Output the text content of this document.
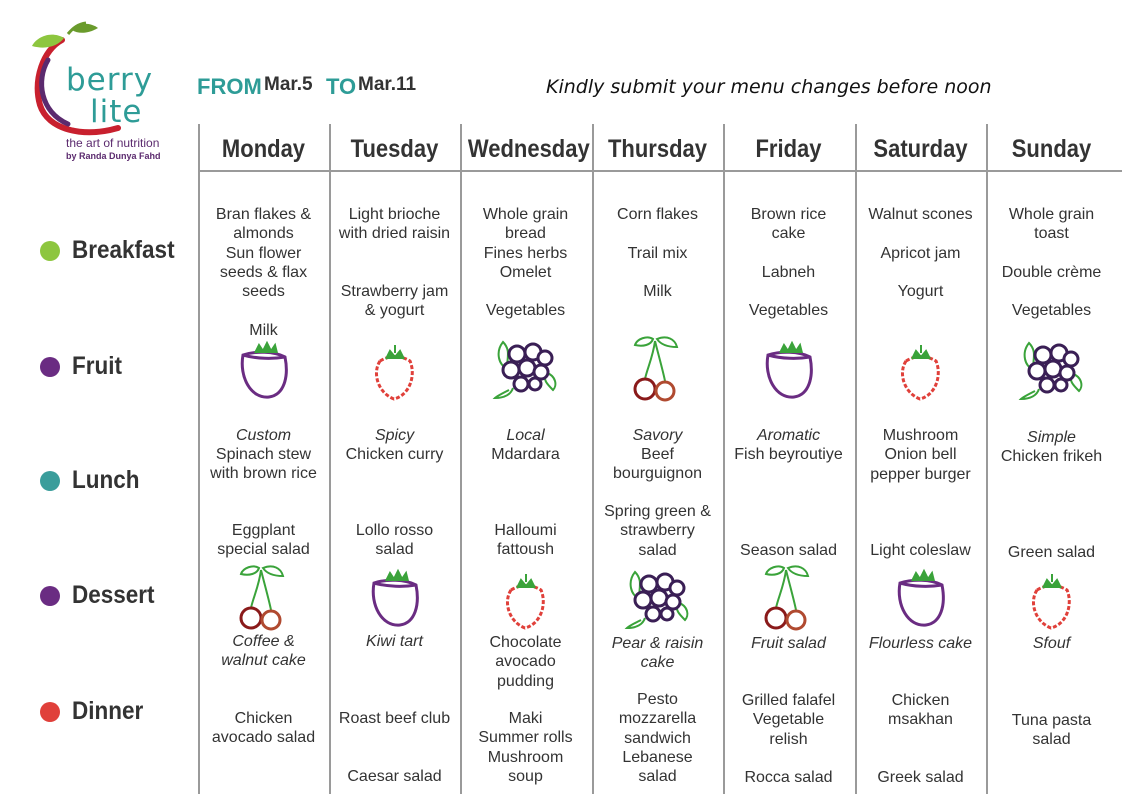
berry
lite
the art of nutrition
by Randa Dunya Fahd
FROM Mar.5 TO Mar.11	Kindly submit your menu changes before noon
Breakfast
Fruit
Lunch
Dessert
Dinner
Monday
Bran flakes &
almonds
Sun flower
seeds & flax
seeds

Milk
Custom
Spinach stew
with brown rice
Eggplant
special salad
Coffee &
walnut cake
Chicken
avocado salad
Tuesday
Light brioche
with dried raisin

Strawberry jam
& yogurt
Spicy
Chicken curry
Lollo rosso
salad
Kiwi tart
Roast beef club
Caesar salad
Wednesday
Whole grain
bread
Fines herbs
Omelet

Vegetables
Local
Mdardara
Halloumi
fattoush
Chocolate
avocado
pudding
Maki
Summer rolls
Mushroom
soup
Thursday
Corn flakes

Trail mix

Milk
Savory
Beef
bourguignon
Spring green &
strawberry
salad
Pear & raisin
cake
Pesto
mozzarella
sandwich
Lebanese
salad
Friday
Brown rice
cake

Labneh

Vegetables
Aromatic
Fish beyroutiye
Season salad
Fruit salad
Grilled falafel
Vegetable
relish
Rocca salad
Saturday
Walnut scones

Apricot jam

Yogurt
Mushroom
Onion bell
pepper burger
Light coleslaw
Flourless cake
Chicken
msakhan
Greek salad
Sunday
Whole grain
toast

Double crème

Vegetables
Simple
Chicken frikeh
Green salad
Sfouf
Tuna pasta
salad
